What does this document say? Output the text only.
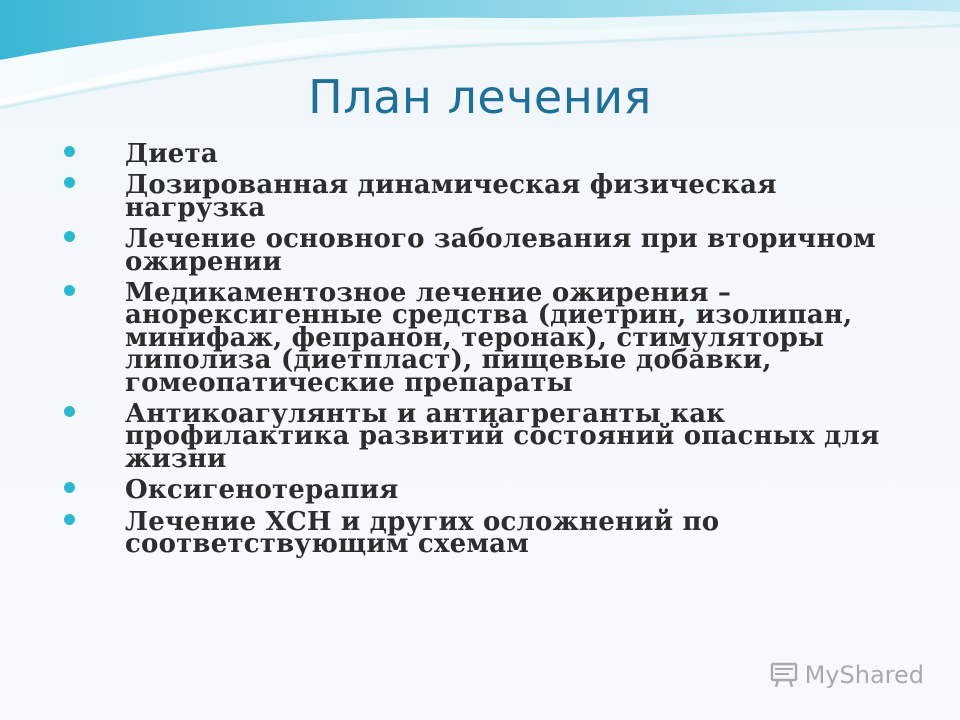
План лечения
Диета
Дозированная динамическая физическая нагрузка
Лечение основного заболевания при вторичном ожирении
Медикаментозное лечение ожирения – анорексигенные средства (диетрин, изолипан, минифаж, фепранон, теронак), стимуляторы липолиза (диетпласт), пищевые добавки, гомеопатические препараты
Антикоагулянты и антиагреганты как профилактика развитий состояний опасных для жизни
Оксигенотерапия
Лечение ХСН и других осложнений по соответствующим схемам
MyShared
